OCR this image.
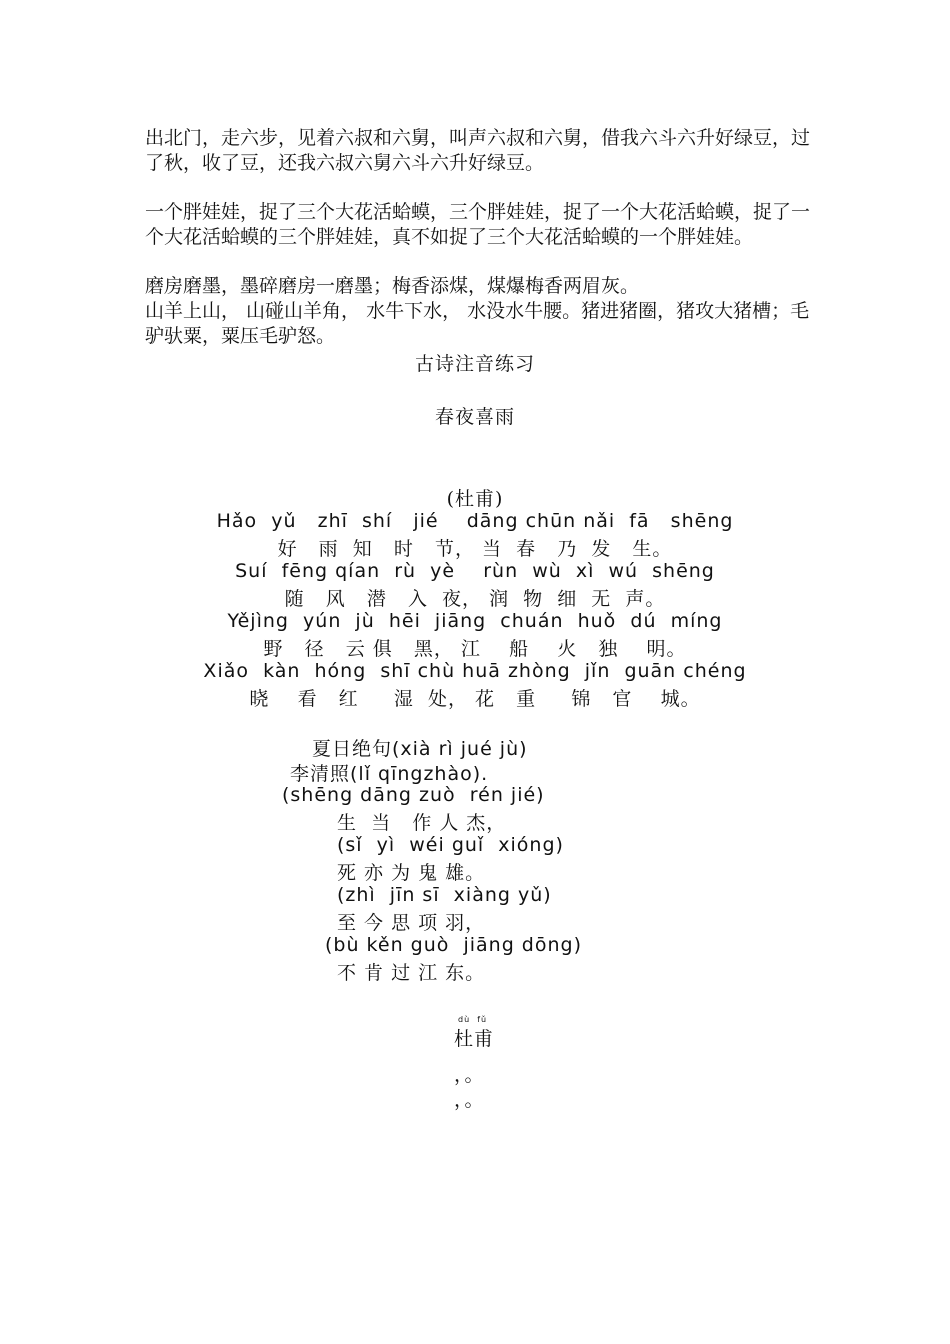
出北门，走六步，见着六叔和六舅，叫声六叔和六舅，借我六斗六升好绿豆，过了秋，收了豆，还我六叔六舅六斗六升好绿豆。
一个胖娃娃，捉了三个大花活蛤蟆，三个胖娃娃，捉了一个大花活蛤蟆，捉了一个大花活蛤蟆的三个胖娃娃，真不如捉了三个大花活蛤蟆的一个胖娃娃。
磨房磨墨，墨碎磨房一磨墨；梅香添煤，煤爆梅香两眉灰。
山羊上山， 山碰山羊角， 水牛下水， 水没水牛腰。猪进猪圈，猪攻大猪槽；毛驴驮粟，粟压毛驴怒。
古诗注音练习
春夜喜雨
(杜甫)
Hǎo  yǔ   zhī  shí   jié    dāng chūn nǎi  fā   shēng
好   雨  知   时   节， 当  春   乃  发   生。
Suí  fēng qían  rù  yè    rùn  wù  xì  wú  shēng
随   风   潜   入  夜， 润  物  细  无  声。
Yějìng  yún  jù  hēi  jiāng  chuán  huǒ  dú  míng
野   径   云 俱   黑， 江    船    火   独    明。
Xiǎo  kàn  hóng  shī chù huā zhòng  jǐn  guān chéng
晓    看   红     湿  处， 花   重     锦   官    城。
夏日绝句(xià rì jué jù)
李清照(lǐ qīngzhào).
(shēng dāng zuò  rén jié)
生  当   作 人 杰，
(sǐ  yì  wéi guǐ  xióng)
死 亦 为 鬼 雄。
(zhì  jīn sī  xiàng yǔ)
至 今 思 项 羽，
(bù kěn guò  jiāng dōng)
不 肯 过 江 东。
dù  fǔ
杜甫
，。
，。
